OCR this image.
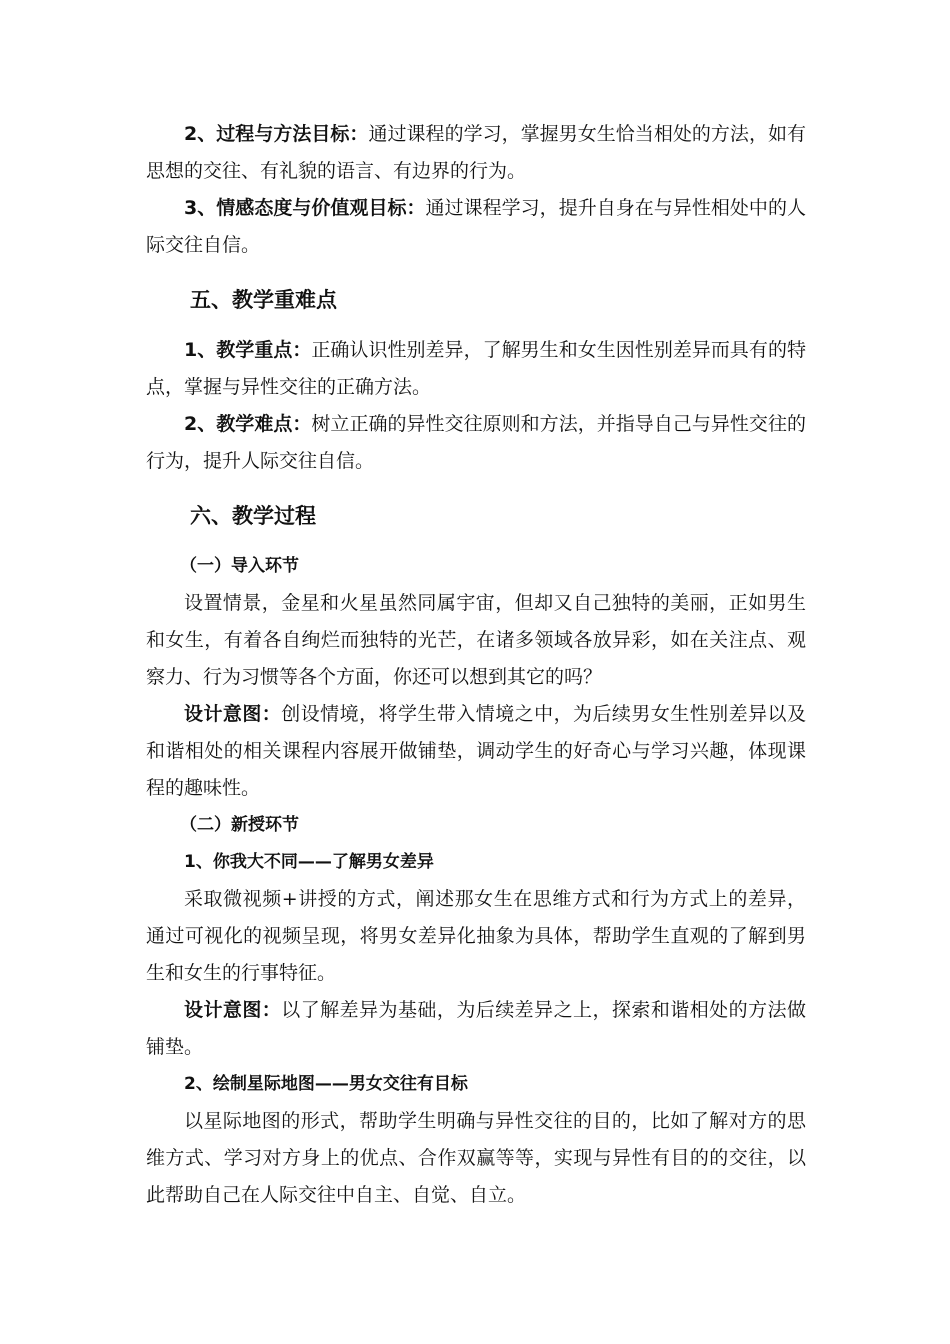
2、过程与方法目标：通过课程的学习，掌握男女生恰当相处的方法，如有思想的交往、有礼貌的语言、有边界的行为。

3、情感态度与价值观目标：通过课程学习，提升自身在与异性相处中的人际交往自信。

五、教学重难点

1、教学重点：正确认识性别差异，了解男生和女生因性别差异而具有的特点，掌握与异性交往的正确方法。

2、教学难点：树立正确的异性交往原则和方法，并指导自己与异性交往的行为，提升人际交往自信。

六、教学过程

（一）导入环节

设置情景，金星和火星虽然同属宇宙，但却又自己独特的美丽，正如男生和女生，有着各自绚烂而独特的光芒，在诸多领域各放异彩，如在关注点、观察力、行为习惯等各个方面，你还可以想到其它的吗？

设计意图：创设情境，将学生带入情境之中，为后续男女生性别差异以及和谐相处的相关课程内容展开做铺垫，调动学生的好奇心与学习兴趣，体现课程的趣味性。

（二）新授环节

1、你我大不同——了解男女差异

采取微视频+讲授的方式，阐述那女生在思维方式和行为方式上的差异，通过可视化的视频呈现，将男女差异化抽象为具体，帮助学生直观的了解到男生和女生的行事特征。

设计意图：以了解差异为基础，为后续差异之上，探索和谐相处的方法做铺垫。

2、绘制星际地图——男女交往有目标

以星际地图的形式，帮助学生明确与异性交往的目的，比如了解对方的思维方式、学习对方身上的优点、合作双赢等等，实现与异性有目的的交往，以此帮助自己在人际交往中自主、自觉、自立。
